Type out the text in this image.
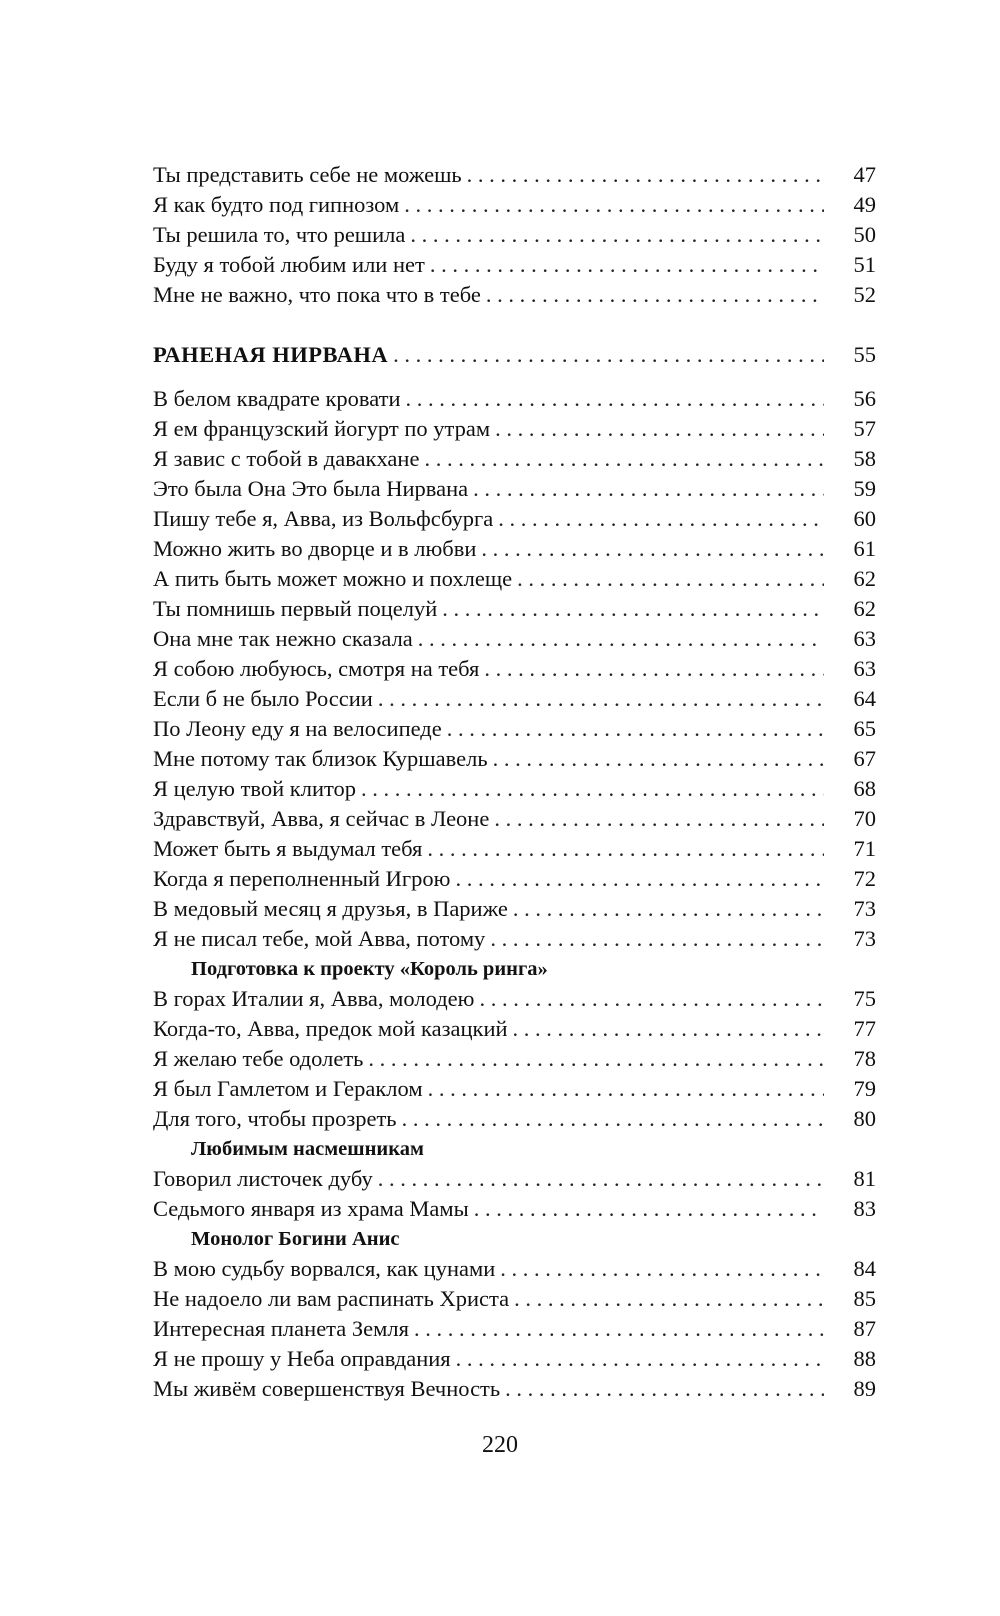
Ты представить себе не можешь . . .	47
Я как будто под гипнозом . . .	49
Ты решила то, что решила . . .	50
Буду я тобой любим или нет . . .	51
Мне не важно, что пока что в тебе . . .	52
РАНЕНАЯ НИРВАНА . . .	55
В белом квадрате кровати . . .	56
Я ем французский йогурт по утрам . . .	57
Я завис с тобой в давакхане . . .	58
Это была Она Это была Нирвана . . .	59
Пишу тебе я, Авва, из Вольфсбурга . . .	60
Можно жить во дворце и в любви . . .	61
А пить быть может можно и похлеще . . .	62
Ты помнишь первый поцелуй . . .	62
Она мне так нежно сказала . . .	63
Я собою любуюсь, смотря на тебя . . .	63
Если б не было России . . .	64
По Леону еду я на велосипеде . . .	65
Мне потому так близок Куршавель . . .	67
Я целую твой клитор . . .	68
Здравствуй, Авва, я сейчас в Леоне . . .	70
Может быть я выдумал тебя . . .	71
Когда я переполненный Игрою . . .	72
В медовый месяц я друзья, в Париже . . .	73
Я не писал тебе, мой Авва, потому . . .	73
Подготовка к проекту «Король ринга»
В горах Италии я, Авва, молодею . . .	75
Когда-то, Авва, предок мой казацкий . . .	77
Я желаю тебе одолеть . . .	78
Я был Гамлетом и Гераклом . . .	79
Для того, чтобы прозреть . . .	80
Любимым насмешникам
Говорил листочек дубу . . .	81
Седьмого января из храма Мамы . . .	83
Монолог Богини Анис
В мою судьбу ворвался, как цунами . . .	84
Не надоело ли вам распинать Христа . . .	85
Интересная планета Земля . . .	87
Я не прошу у Неба оправдания . . .	88
Мы живём совершенствуя Вечность . . .	89
220
